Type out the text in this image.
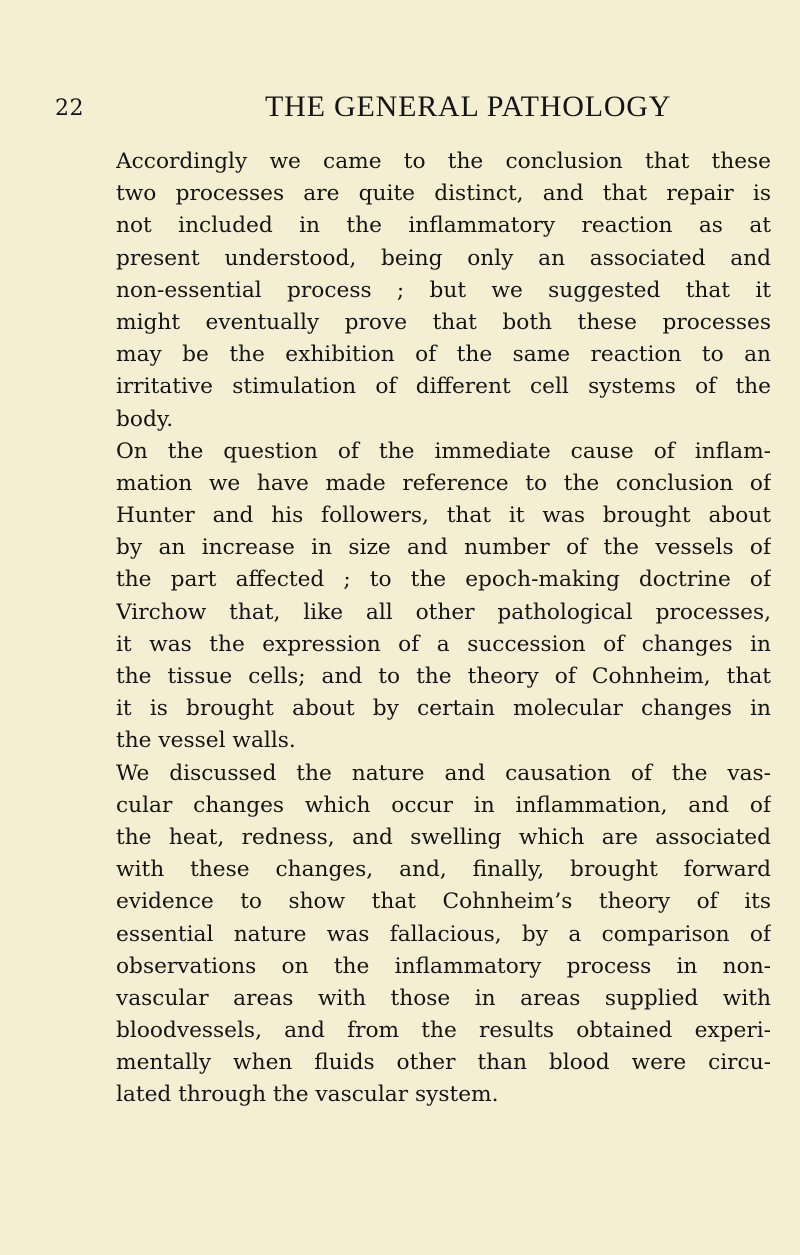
22	THE GENERAL PATHOLOGY
Accordingly we came to the conclusion that these
two processes are quite distinct, and that repair is
not included in the inflammatory reaction as at
present understood, being only an associated and
non-essential process ; but we suggested that it
might eventually prove that both these processes
may be the exhibition of the same reaction to an
irritative stimulation of different cell systems of the
body.
On the question of the immediate cause of inflam-
mation we have made reference to the conclusion of
Hunter and his followers, that it was brought about
by an increase in size and number of the vessels of
the part affected ; to the epoch-making doctrine of
Virchow that, like all other pathological processes,
it was the expression of a succession of changes in
the tissue cells; and to the theory of Cohnheim, that
it is brought about by certain molecular changes in
the vessel walls.
We discussed the nature and causation of the vas-
cular changes which occur in inflammation, and of
the heat, redness, and swelling which are associated
with these changes, and, finally, brought forward
evidence to show that Cohnheim’s theory of its
essential nature was fallacious, by a comparison of
observations on the inflammatory process in non-
vascular areas with those in areas supplied with
bloodvessels, and from the results obtained experi-
mentally when fluids other than blood were circu-
lated through the vascular system.
